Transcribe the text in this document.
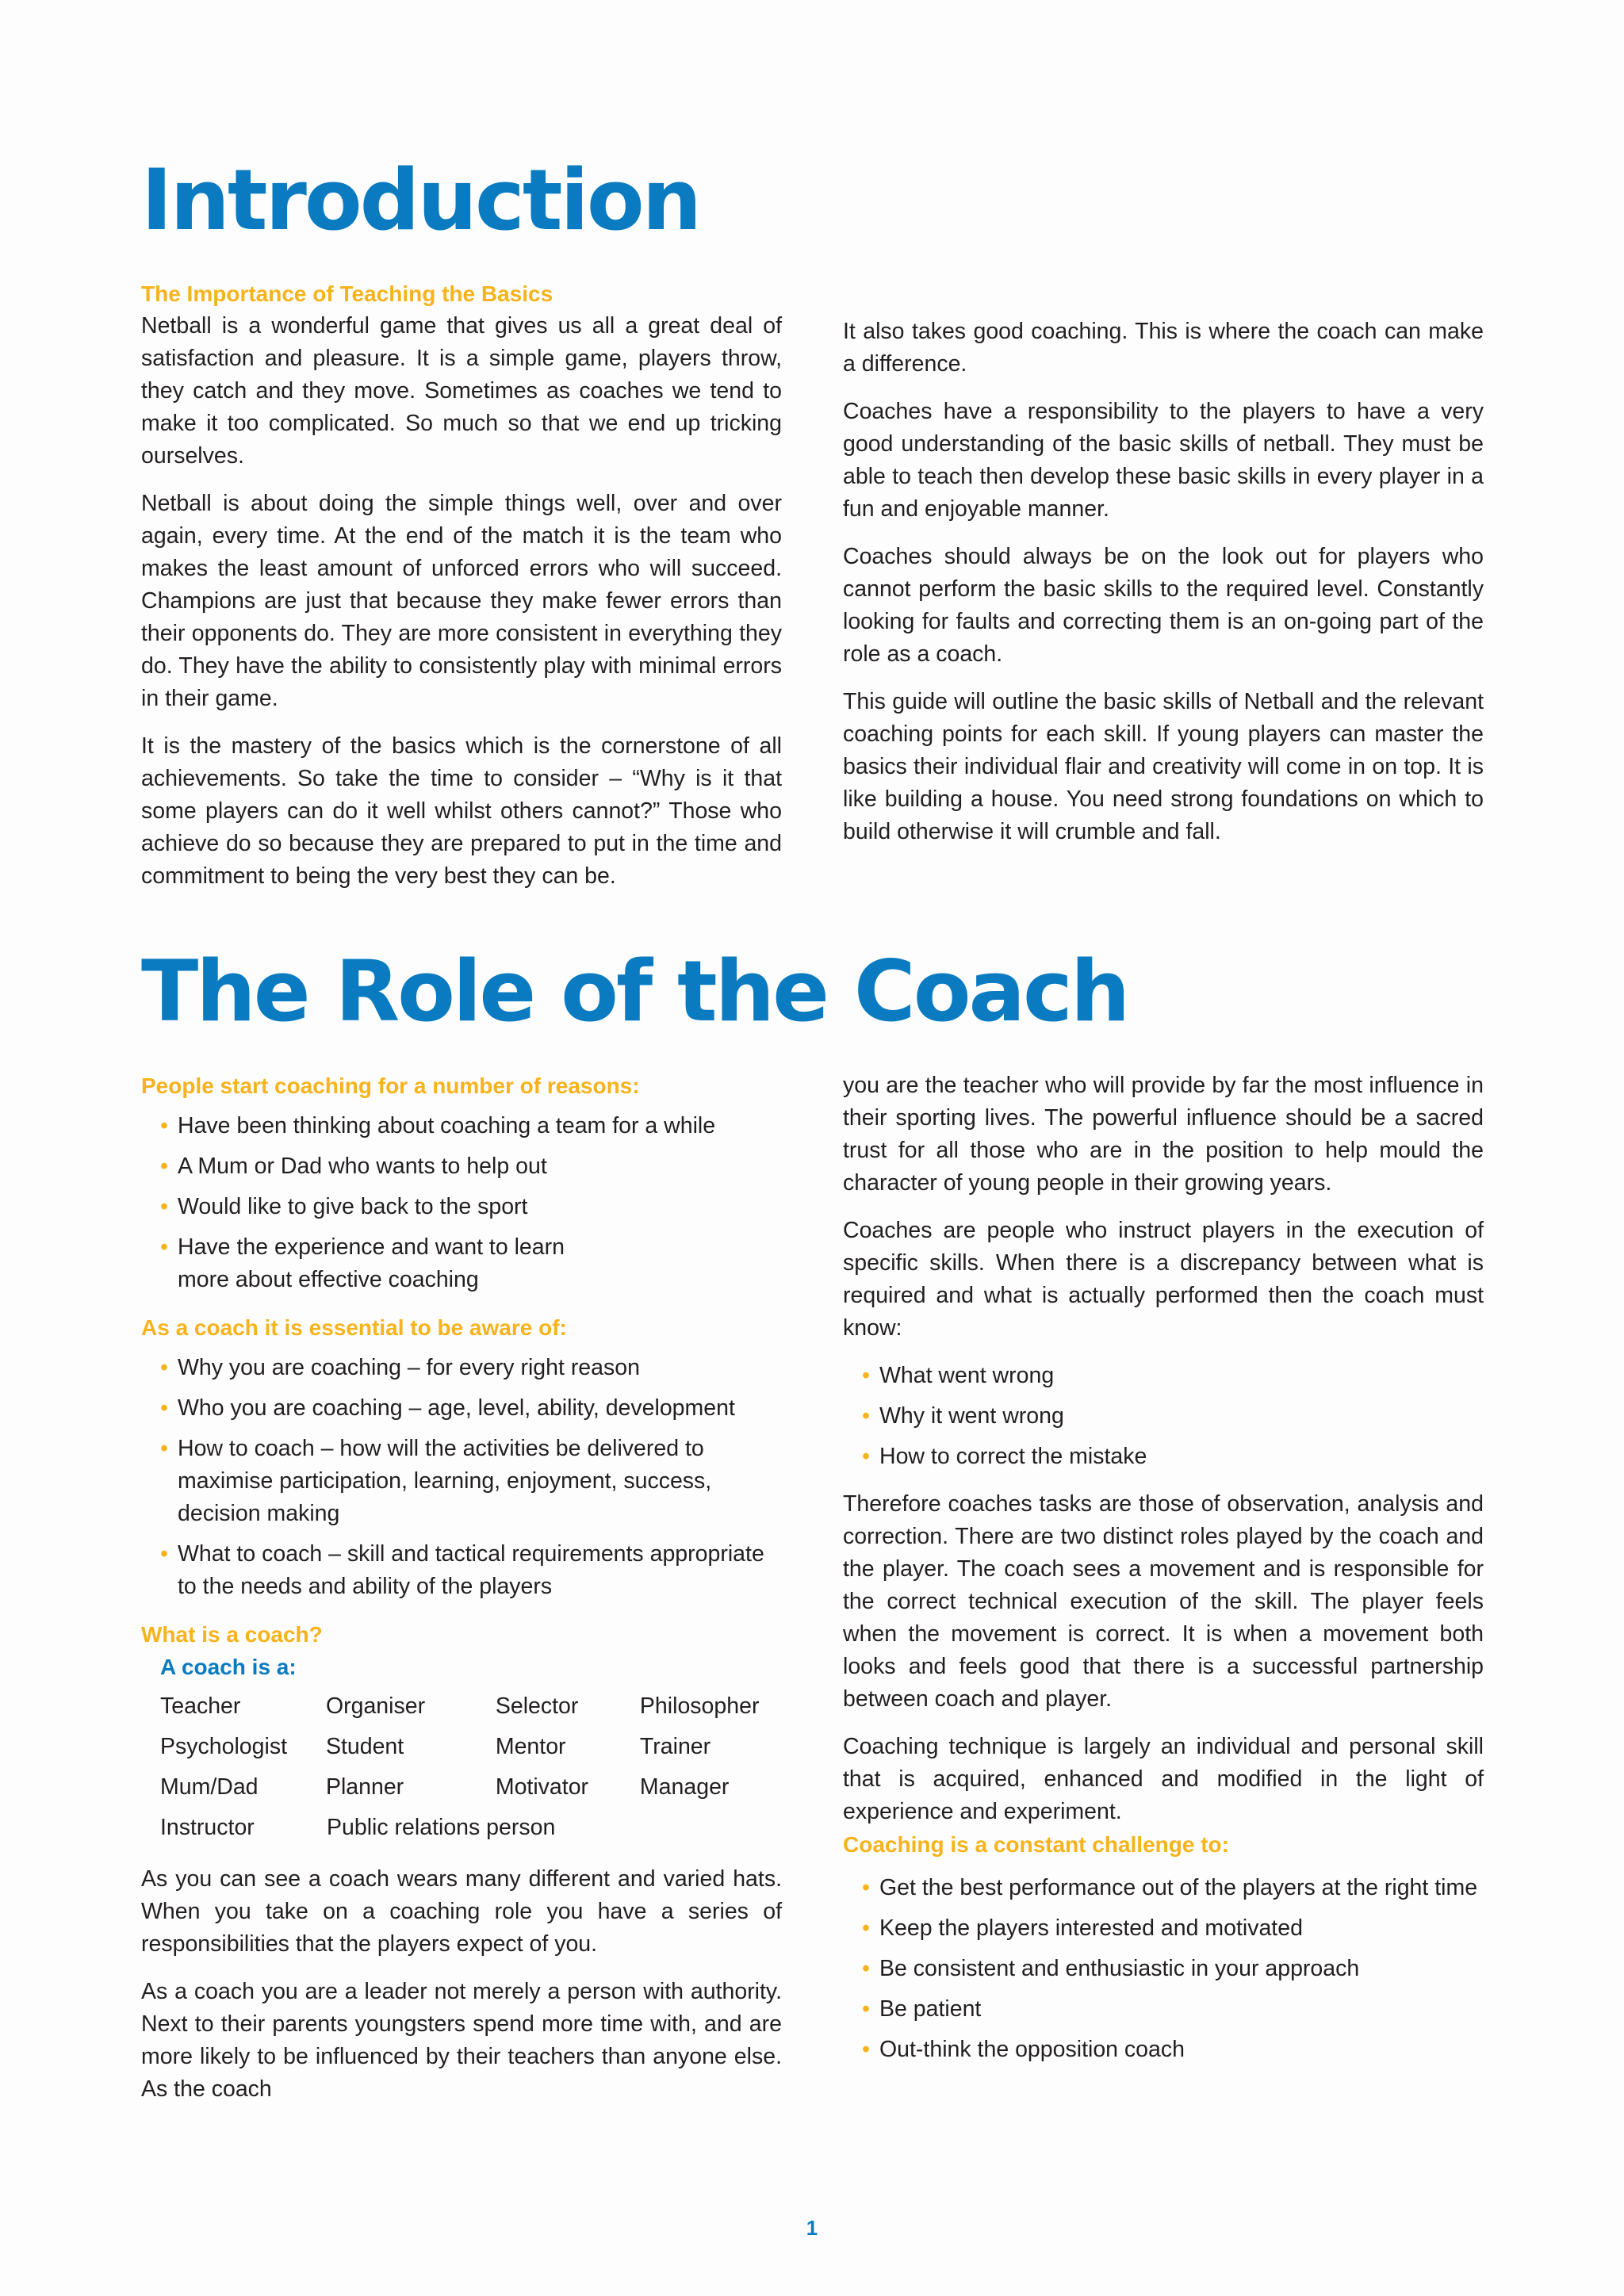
Introduction
The Importance of Teaching the Basics

Netball is a wonderful game that gives us all a great deal of satisfaction and pleasure. It is a simple game, players throw, they catch and they move. Sometimes as coaches we tend to make it too complicated. So much so that we end up tricking ourselves.

Netball is about doing the simple things well, over and over again, every time. At the end of the match it is the team who makes the least amount of unforced errors who will succeed. Champions are just that because they make fewer errors than their opponents do. They are more consistent in everything they do. They have the ability to consistently play with minimal errors in their game.

It is the mastery of the basics which is the cornerstone of all achievements. So take the time to consider – “Why is it that some players can do it well whilst others cannot?” Those who achieve do so because they are prepared to put in the time and commitment to being the very best they can be.

It also takes good coaching. This is where the coach can make a difference.

Coaches have a responsibility to the players to have a very good understanding of the basic skills of netball. They must be able to teach then develop these basic skills in every player in a fun and enjoyable manner.

Coaches should always be on the look out for players who cannot perform the basic skills to the required level. Constantly looking for faults and correcting them is an on-going part of the role as a coach.

This guide will outline the basic skills of Netball and the relevant coaching points for each skill. If young players can master the basics their individual flair and creativity will come in on top. It is like building a house. You need strong foundations on which to build otherwise it will crumble and fall.

The Role of the Coach
People start coaching for a number of reasons:
• Have been thinking about coaching a team for a while
• A Mum or Dad who wants to help out
• Would like to give back to the sport
• Have the experience and want to learn more about effective coaching
As a coach it is essential to be aware of:
• Why you are coaching – for every right reason
• Who you are coaching – age, level, ability, development
• How to coach – how will the activities be delivered to maximise participation, learning, enjoyment, success, decision making
• What to coach – skill and tactical requirements appropriate to the needs and ability of the players
What is a coach?
A coach is a:
Teacher	Organiser	Selector	Philosopher
Psychologist	Student	Mentor	Trainer
Mum/Dad	Planner	Motivator	Manager
Instructor	Public relations person

As you can see a coach wears many different and varied hats. When you take on a coaching role you have a series of responsibilities that the players expect of you.

As a coach you are a leader not merely a person with authority. Next to their parents youngsters spend more time with, and are more likely to be influenced by their teachers than anyone else. As the coach

you are the teacher who will provide by far the most influence in their sporting lives. The powerful influence should be a sacred trust for all those who are in the position to help mould the character of young people in their growing years.

Coaches are people who instruct players in the execution of specific skills. When there is a discrepancy between what is required and what is actually performed then the coach must know:

• What went wrong
• Why it went wrong
• How to correct the mistake

Therefore coaches tasks are those of observation, analysis and correction. There are two distinct roles played by the coach and the player. The coach sees a movement and is responsible for the correct technical execution of the skill. The player feels when the movement is correct. It is when a movement both looks and feels good that there is a successful partnership between coach and player.

Coaching technique is largely an individual and personal skill that is acquired, enhanced and modified in the light of experience and experiment.

Coaching is a constant challenge to:
• Get the best performance out of the players at the right time
• Keep the players interested and motivated
• Be consistent and enthusiastic in your approach
• Be patient
• Out-think the opposition coach
1
